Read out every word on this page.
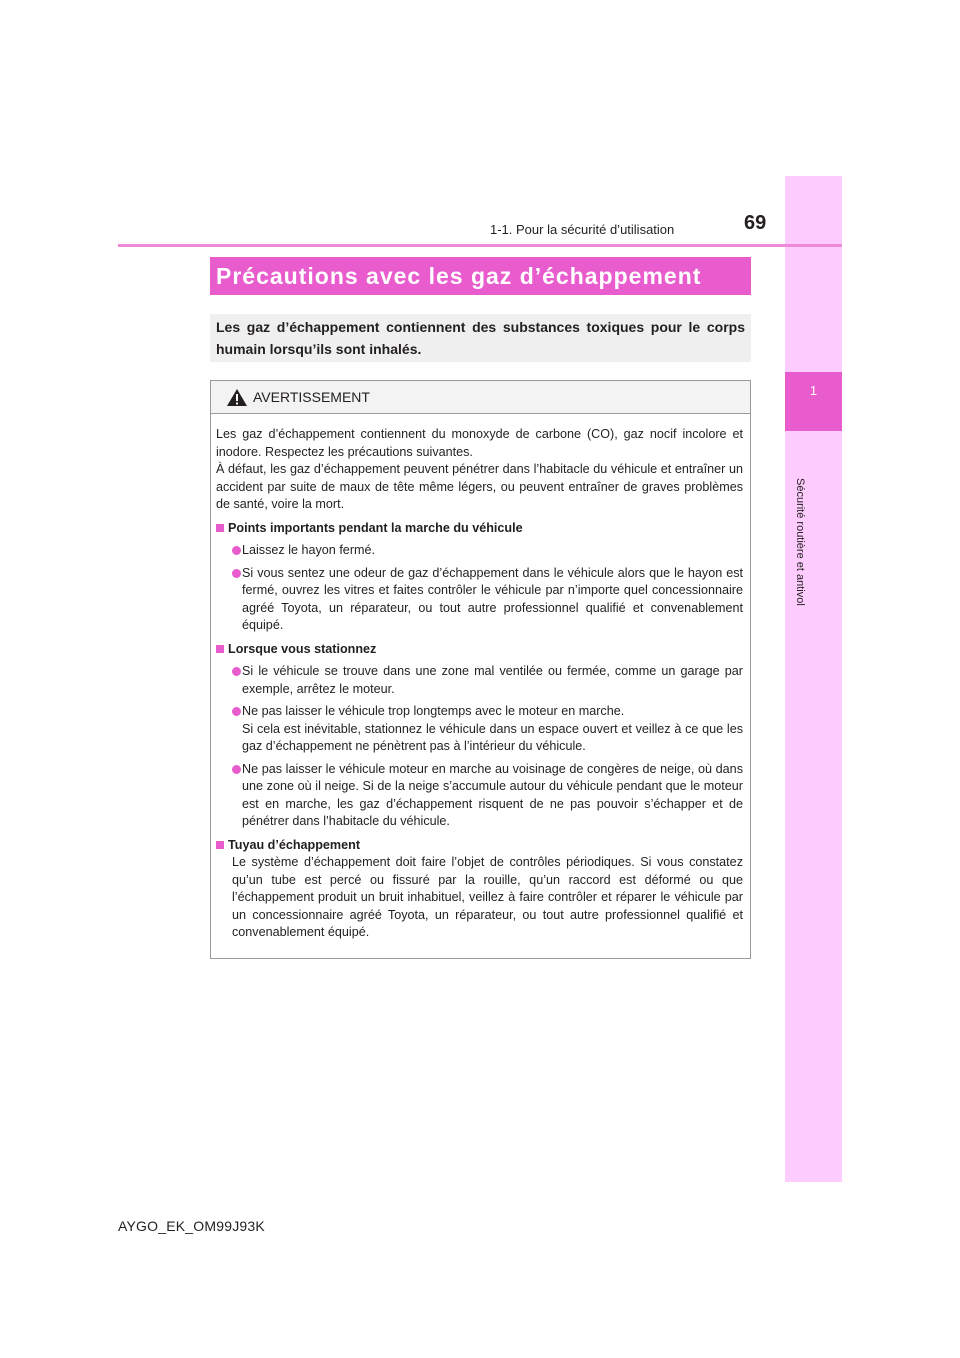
1
Sécurité routière et antivol
1-1. Pour la sécurité d’utilisation	69
Précautions avec les gaz d’échappement

Les gaz d’échappement contiennent des substances toxiques pour le corps humain lorsqu’ils sont inhalés.

AVERTISSEMENT

Les gaz d’échappement contiennent du monoxyde de carbone (CO), gaz nocif incolore et inodore. Respectez les précautions suivantes.

À défaut, les gaz d’échappement peuvent pénétrer dans l’habitacle du véhicule et entraîner un accident par suite de maux de tête même légers, ou peuvent entraîner de graves problèmes de santé, voire la mort.

Points importants pendant la marche du véhicule
Laissez le hayon fermé.
Si vous sentez une odeur de gaz d’échappement dans le véhicule alors que le hayon est fermé, ouvrez les vitres et faites contrôler le véhicule par n’importe quel concessionnaire agréé Toyota, un réparateur, ou tout autre professionnel qualifié et convenablement équipé.
Lorsque vous stationnez
Si le véhicule se trouve dans une zone mal ventilée ou fermée, comme un garage par exemple, arrêtez le moteur.
Ne pas laisser le véhicule trop longtemps avec le moteur en marche.
Si cela est inévitable, stationnez le véhicule dans un espace ouvert et veillez à ce que les gaz d’échappement ne pénètrent pas à l’intérieur du véhicule.
Ne pas laisser le véhicule moteur en marche au voisinage de congères de neige, où dans une zone où il neige. Si de la neige s’accumule autour du véhicule pendant que le moteur est en marche, les gaz d’échappement risquent de ne pas pouvoir s’échapper et de pénétrer dans l’habitacle du véhicule.
Tuyau d’échappement

Le système d’échappement doit faire l’objet de contrôles périodiques. Si vous constatez qu’un tube est percé ou fissuré par la rouille, qu’un raccord est déformé ou que l’échappement produit un bruit inhabituel, veillez à faire contrôler et réparer le véhicule par un concessionnaire agréé Toyota, un réparateur, ou tout autre professionnel qualifié et convenablement équipé.

AYGO_EK_OM99J93K
